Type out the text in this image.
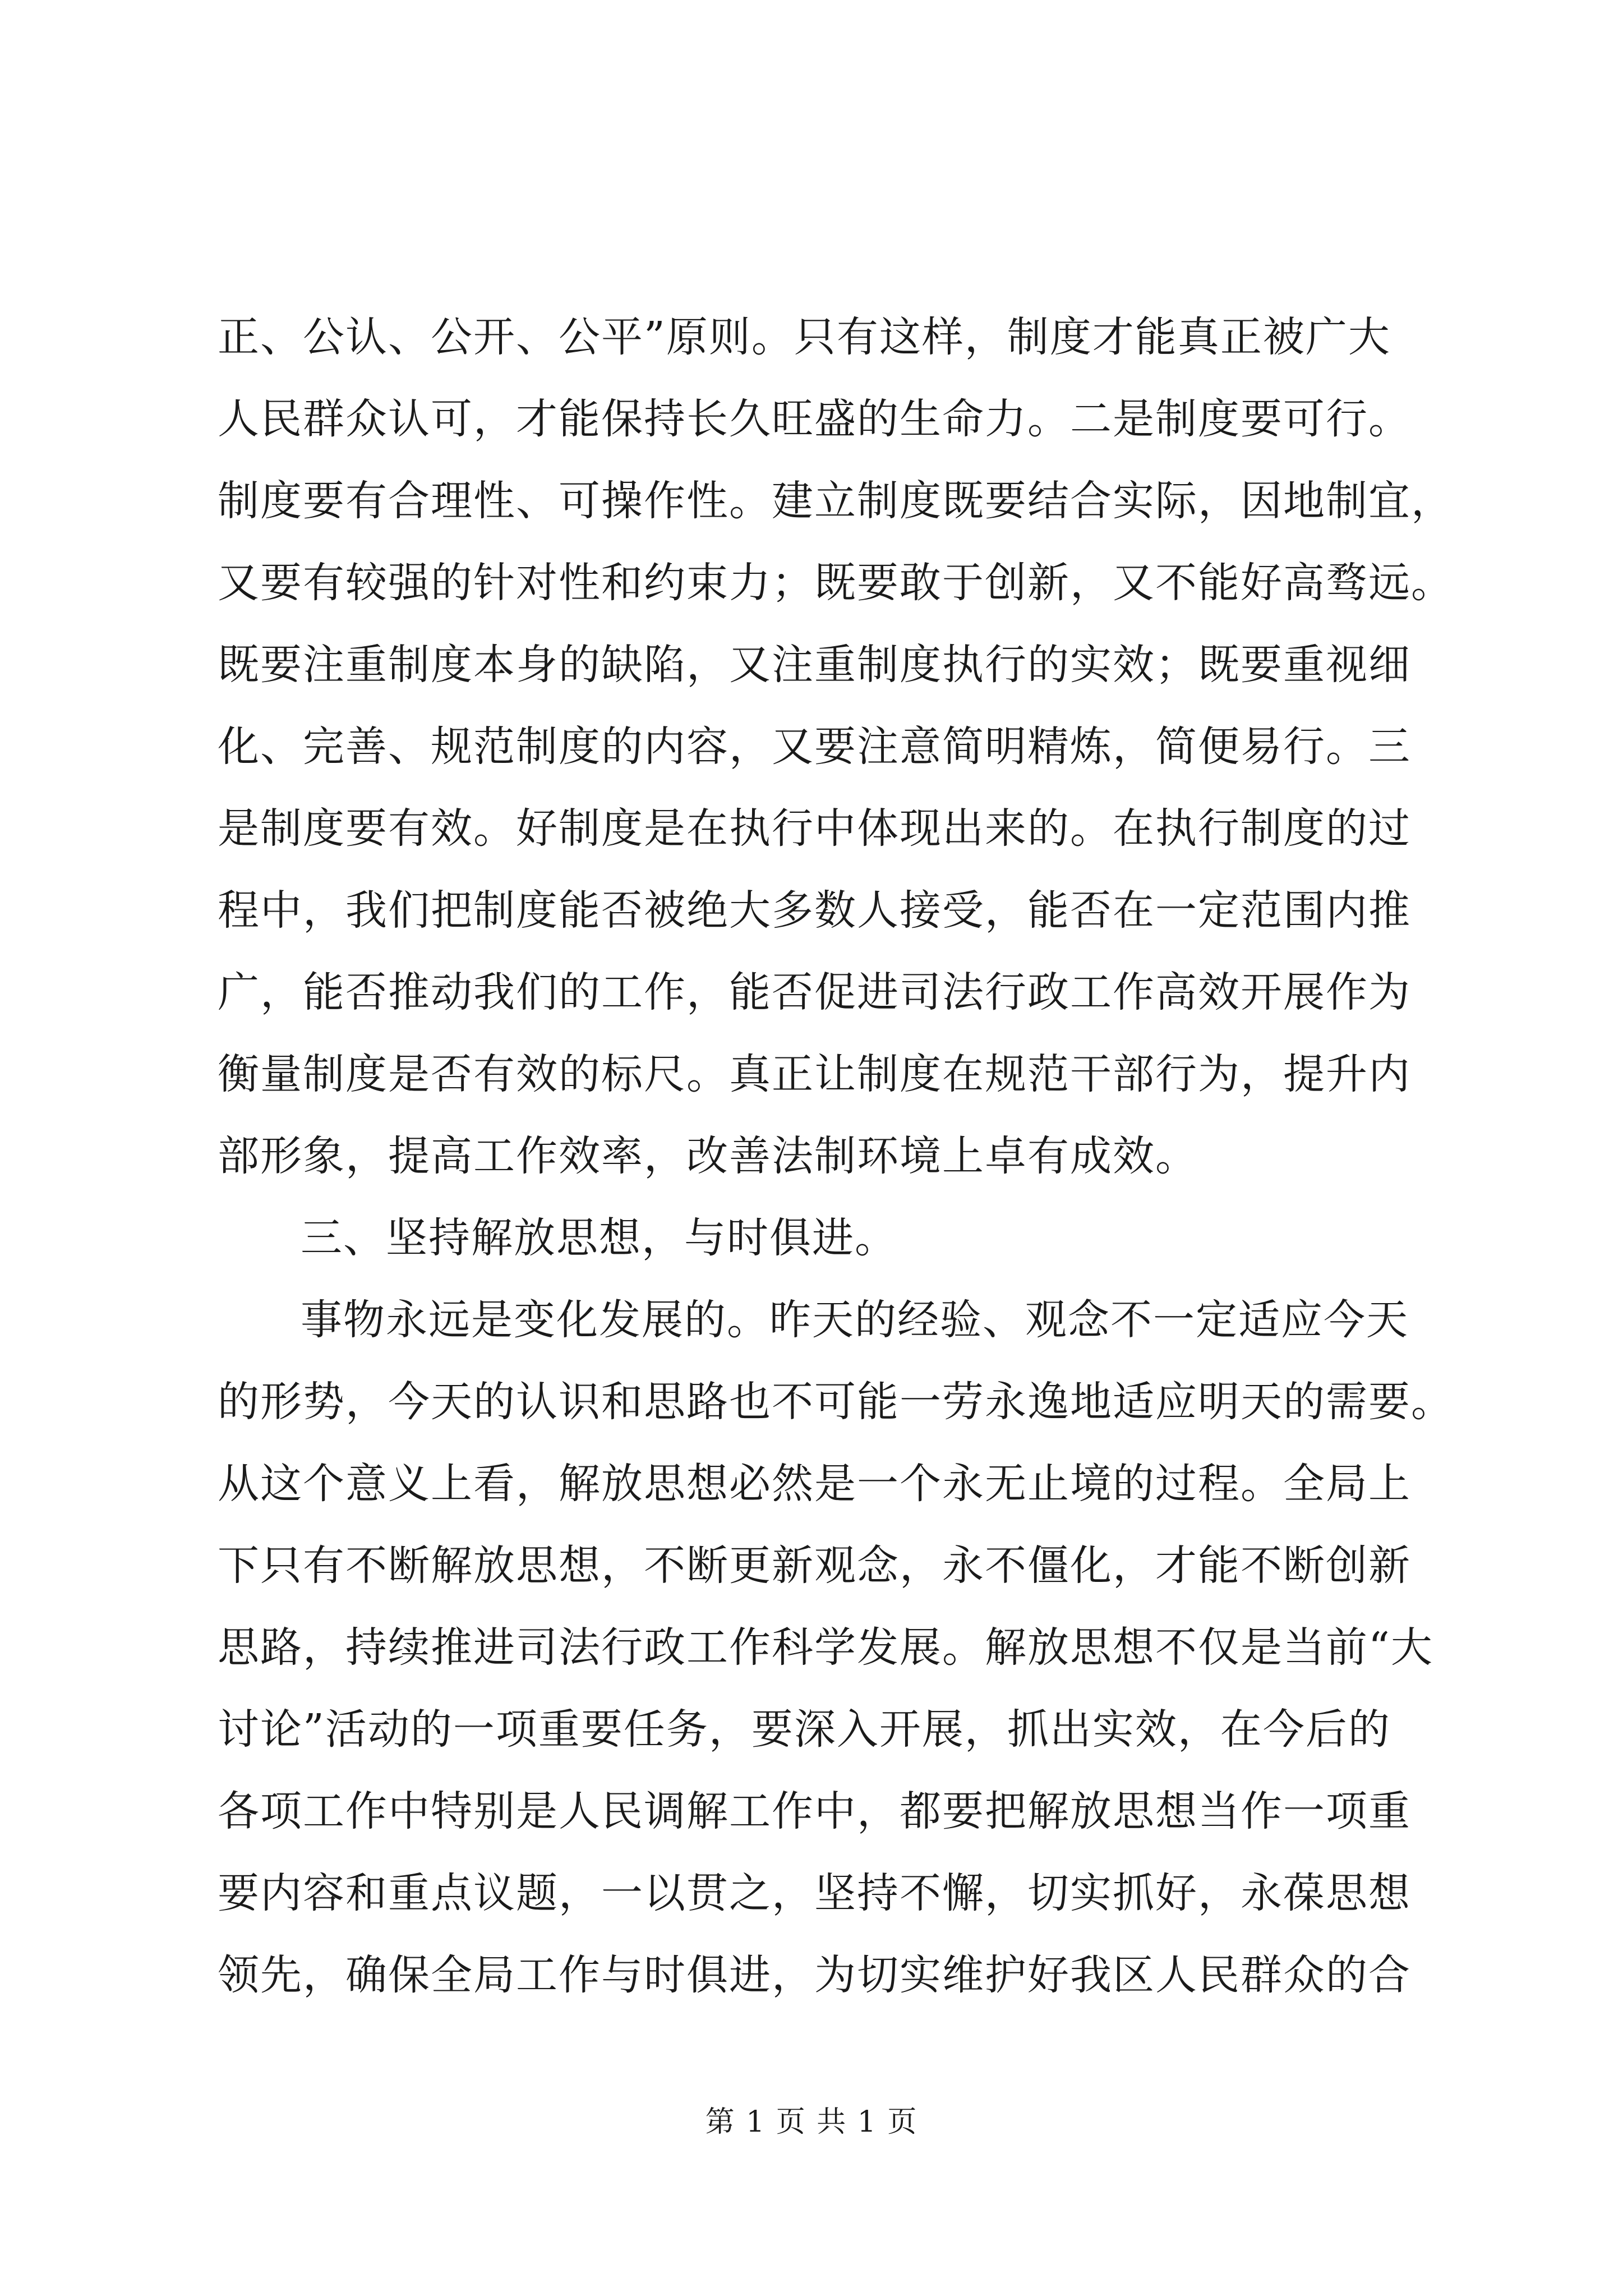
正、公认、公开、公平”原则。只有这样，制度才能真正被广大
人民群众认可，才能保持长久旺盛的生命力。二是制度要可行。
制度要有合理性、可操作性。建立制度既要结合实际，因地制宜，
又要有较强的针对性和约束力；既要敢于创新，又不能好高骛远。
既要注重制度本身的缺陷，又注重制度执行的实效；既要重视细
化、完善、规范制度的内容，又要注意简明精炼，简便易行。三
是制度要有效。好制度是在执行中体现出来的。在执行制度的过
程中，我们把制度能否被绝大多数人接受，能否在一定范围内推
广，能否推动我们的工作，能否促进司法行政工作高效开展作为
衡量制度是否有效的标尺。真正让制度在规范干部行为，提升内
部形象，提高工作效率，改善法制环境上卓有成效。
三、坚持解放思想，与时俱进。
事物永远是变化发展的。昨天的经验、观念不一定适应今天
的形势，今天的认识和思路也不可能一劳永逸地适应明天的需要。
从这个意义上看，解放思想必然是一个永无止境的过程。全局上
下只有不断解放思想，不断更新观念，永不僵化，才能不断创新
思路，持续推进司法行政工作科学发展。解放思想不仅是当前“大
讨论”活动的一项重要任务，要深入开展，抓出实效，在今后的
各项工作中特别是人民调解工作中，都要把解放思想当作一项重
要内容和重点议题，一以贯之，坚持不懈，切实抓好，永葆思想
领先，确保全局工作与时俱进，为切实维护好我区人民群众的合
第 1 页 共 1 页
